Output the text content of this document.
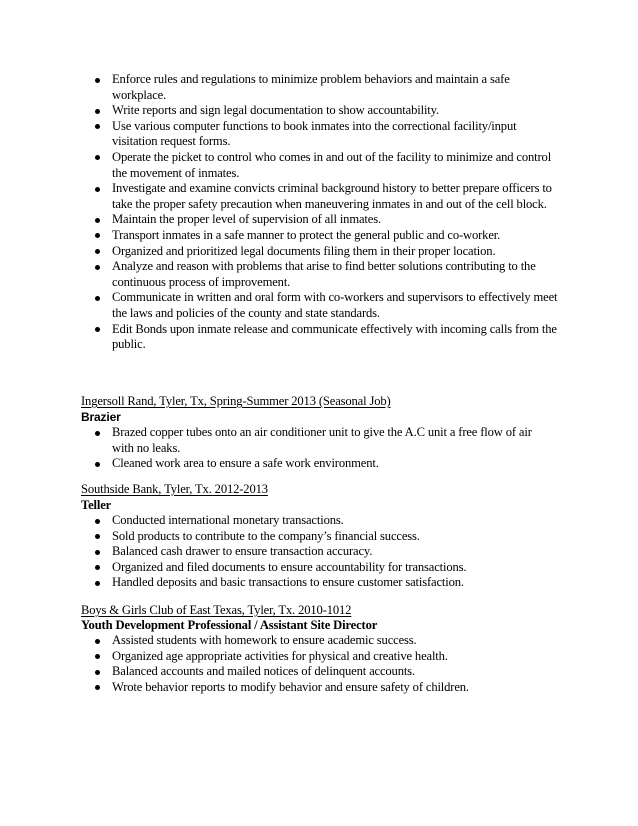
Enforce rules and regulations to minimize problem behaviors and maintain a safe workplace.
Write reports and sign legal documentation to show accountability.
Use various computer functions to book inmates into the correctional facility/input visitation request forms.
Operate the picket to control who comes in and out of the facility to minimize and control the movement of inmates.
Investigate and examine convicts criminal background history to better prepare officers to take the proper safety precaution when maneuvering inmates in and out of the cell block.
Maintain the proper level of supervision of all inmates.
Transport inmates in a safe manner to protect the general public and co-worker.
Organized and prioritized legal documents filing them in their proper location.
Analyze and reason with problems that arise to find better solutions contributing to the continuous process of improvement.
Communicate in written and oral form with co-workers and supervisors to effectively meet the laws and policies of the county and state standards.
Edit Bonds upon inmate release and communicate effectively with incoming calls from the public.
Ingersoll Rand, Tyler, Tx, Spring-Summer 2013 (Seasonal Job)
Brazier
Brazed copper tubes onto an air conditioner unit to give the A.C unit a free flow of air with no leaks.
Cleaned work area to ensure a safe work environment.
Southside Bank, Tyler, Tx. 2012-2013
Teller
Conducted international monetary transactions.
Sold products to contribute to the company’s financial success.
Balanced cash drawer to ensure transaction accuracy.
Organized and filed documents to ensure accountability for transactions.
Handled deposits and basic transactions to ensure customer satisfaction.
Boys & Girls Club of East Texas, Tyler, Tx. 2010-1012
Youth Development Professional / Assistant Site Director
Assisted students with homework to ensure academic success.
Organized age appropriate activities for physical and creative health.
Balanced accounts and mailed notices of delinquent accounts.
Wrote behavior reports to modify behavior and ensure safety of children.
